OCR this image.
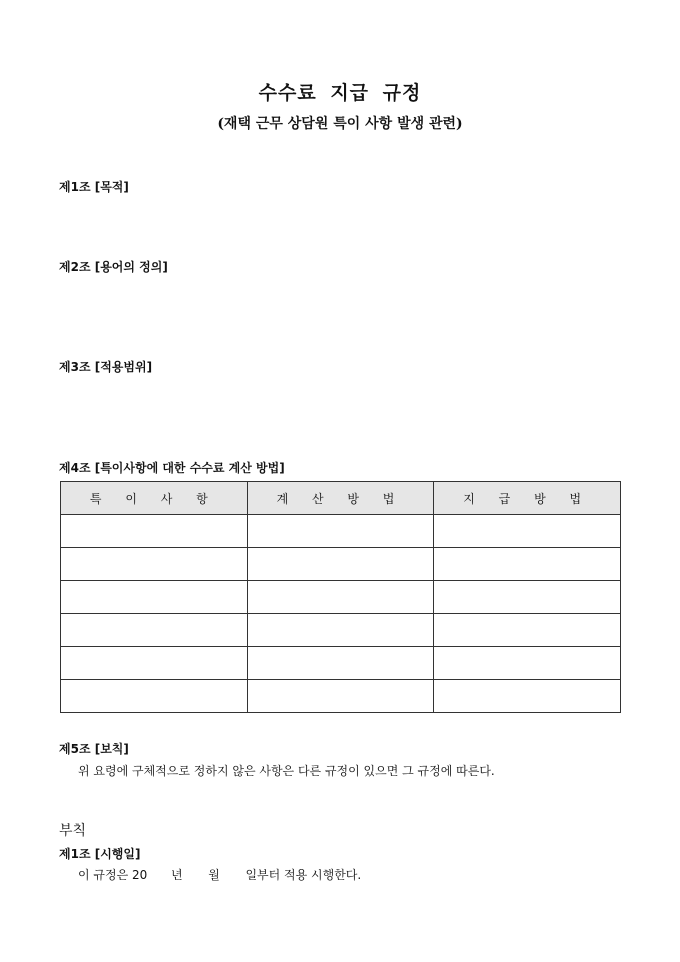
수수료 지급 규정
(재택 근무 상담원 특이 사항 발생 관련)
제1조 [목적]
제2조 [용어의 정의]
제3조 [적용범위]
제4조 [특이사항에 대한 수수료 계산 방법]
특 이 사 항	계 산 방 법	지 급 방 법

제5조 [보칙]
위 요령에 구체적으로 정하지 않은 사항은 다른 규정이 있으면 그 규정에 따른다.
부칙
제1조 [시행일]
이 규정은 20 년 월 일부터 적용 시행한다.
